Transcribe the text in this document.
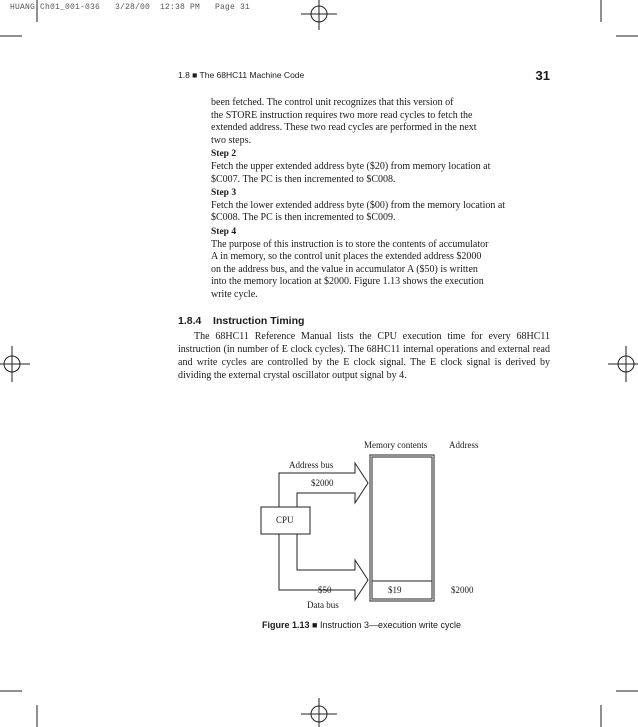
HUANG Ch01_001-036   3/28/00  12:38 PM   Page 31
1.8 ■ The 68HC11 Machine Code	31

been fetched. The control unit recognizes that this version of

the STORE instruction requires two more read cycles to fetch the

extended address. These two read cycles are performed in the next

two steps.

Step 2

Fetch the upper extended address byte ($20) from memory location at

$C007. The PC is then incremented to $C008.

Step 3

Fetch the lower extended address byte ($00) from the memory location at

$C008. The PC is then incremented to $C009.

Step 4

The purpose of this instruction is to store the contents of accumulator

A in memory, so the control unit places the extended address $2000

on the address bus, and the value in accumulator A ($50) is written

into the memory location at $2000. Figure 1.13 shows the execution

write cycle.

1.8.4    Instruction Timing

The 68HC11 Reference Manual lists the CPU execution time for every 68HC11 instruction (in number of E clock cycles). The 68HC11 internal operations and external read and write cycles are controlled by the E clock signal. The E clock signal is derived by dividing the external crystal oscillator output signal by 4.

Memory contents Address
Address bus
$2000
CPU
$50
Data bus
$19	$2000
Figure 1.13 ■ Instruction 3—execution write cycle
